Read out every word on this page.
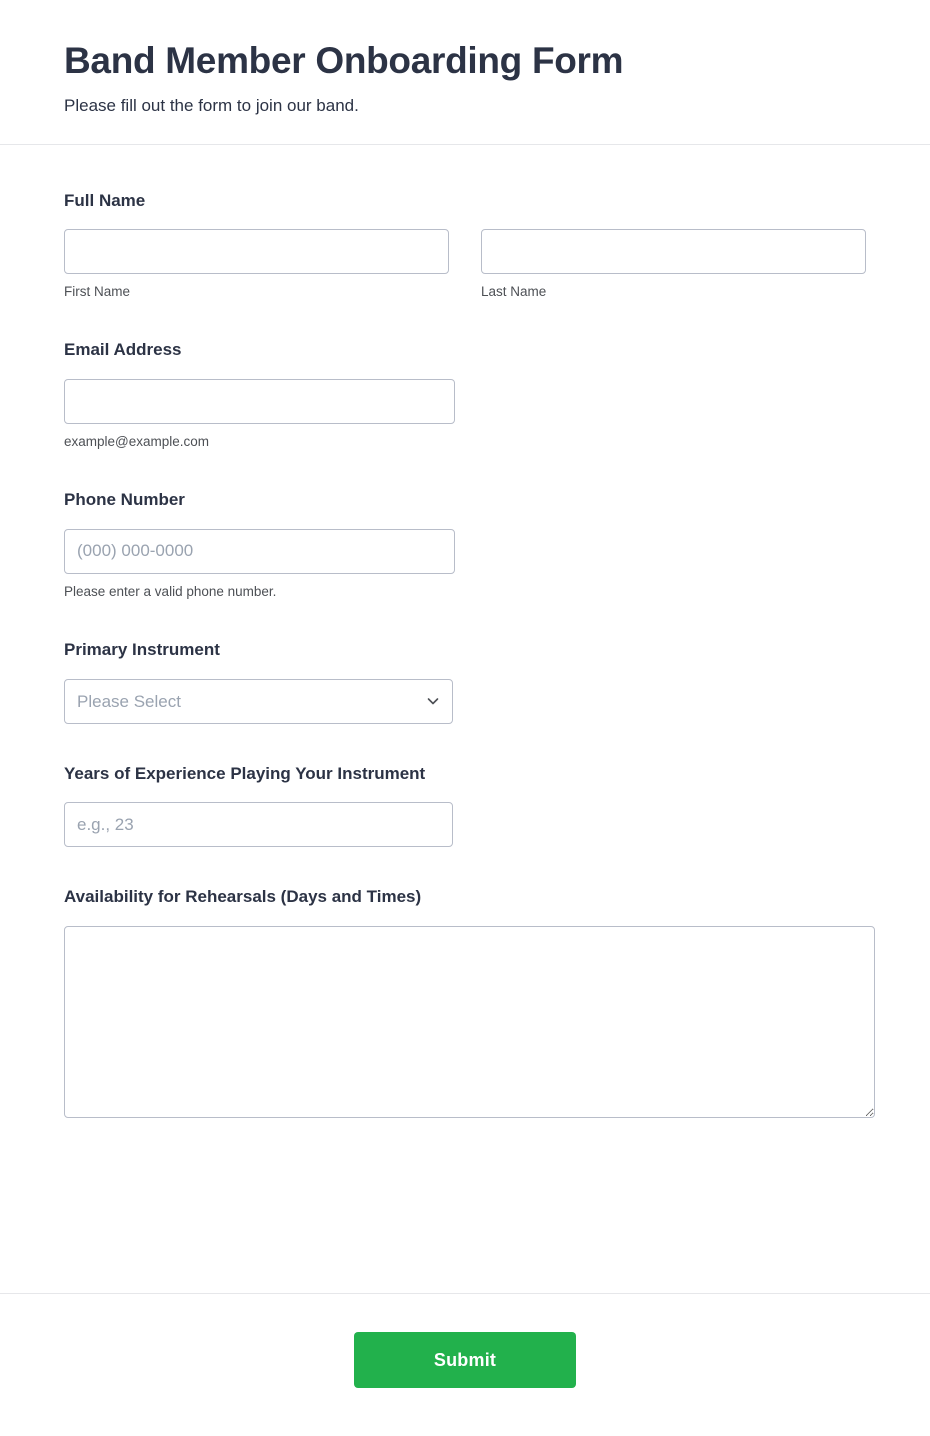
Band Member Onboarding Form

Please fill out the form to join our band.

Full Name
First Name	Last Name
Email Address
example@example.com
Phone Number
(000) 000-0000
Please enter a valid phone number.
Primary Instrument
Please Select
Years of Experience Playing Your Instrument
e.g., 23
Availability for Rehearsals (Days and Times)
Submit
